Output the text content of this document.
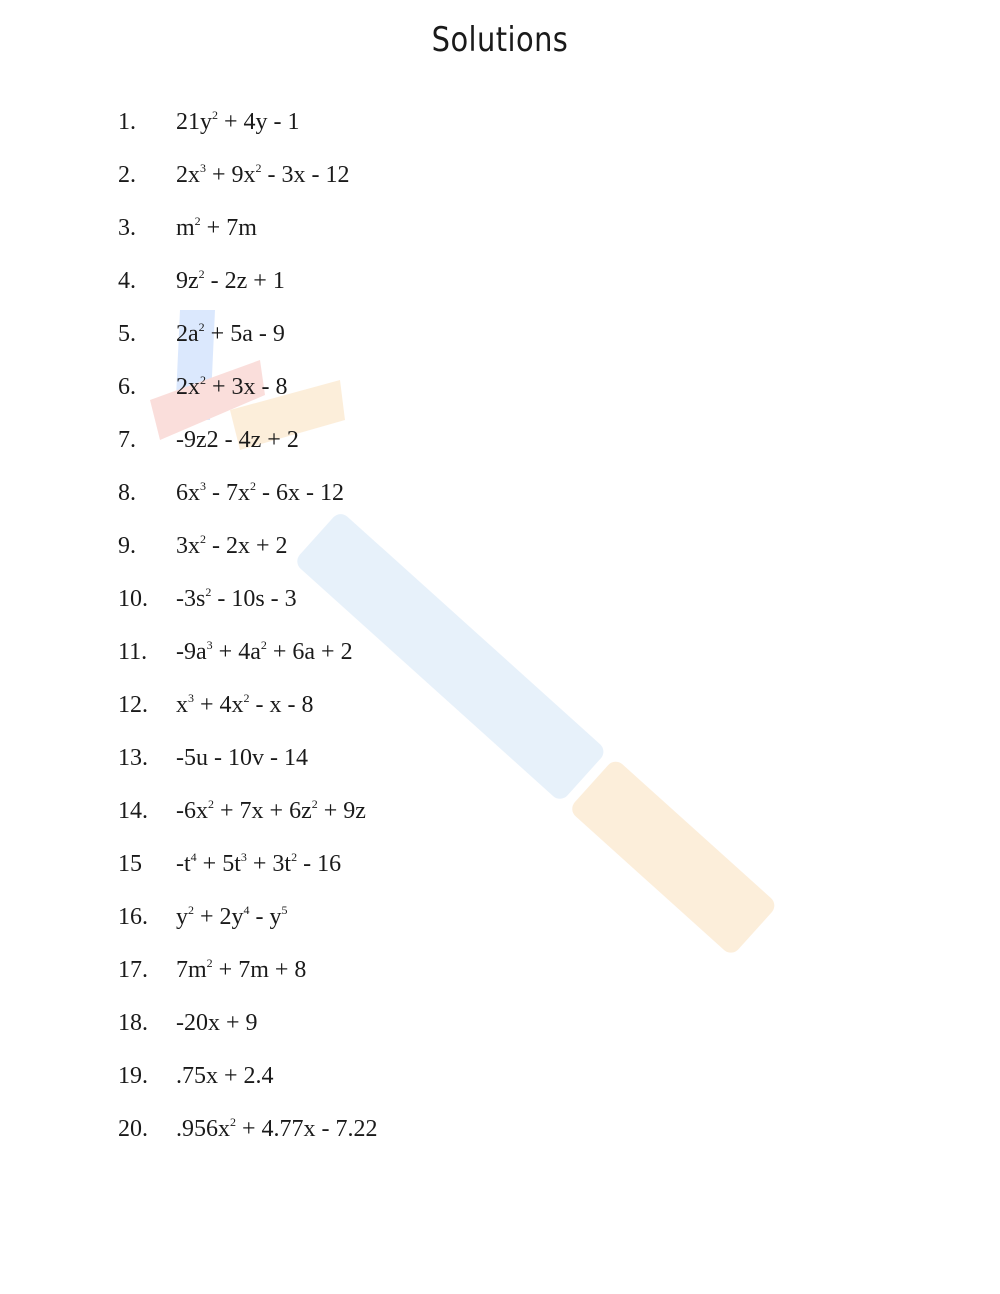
Solutions
1.	$21y^2 + 4y - 1$
2.	$2x^3 + 9x^2 - 3x - 12$
3.	$m^2 + 7m$
4.	$9z^2 - 2z + 1$
5.	$2a^2 + 5a - 9$
6.	$2x^2 + 3x - 8$
7.	-9z2 - 4z + 2
8.	$6x^3 - 7x^2 - 6x - 12$
9.	$3x^2 - 2x + 2$
10.	$-3s^2 - 10s - 3$
11.	$-9a^3 + 4a^2 + 6a + 2$
12.	$x^3 + 4x^2 - x - 8$
13.	-5u - 10v - 14
14.	$-6x^2 + 7x + 6z^2 + 9z$
15	$-t^4 + 5t^3 + 3t^2 - 16$
16.	$y^2 + 2y^4 - y^5$
17.	$7m^2 + 7m + 8$
18.	-20x + 9
19.	.75x + 2.4
20.	$.956x^2 + 4.77x - 7.22$
